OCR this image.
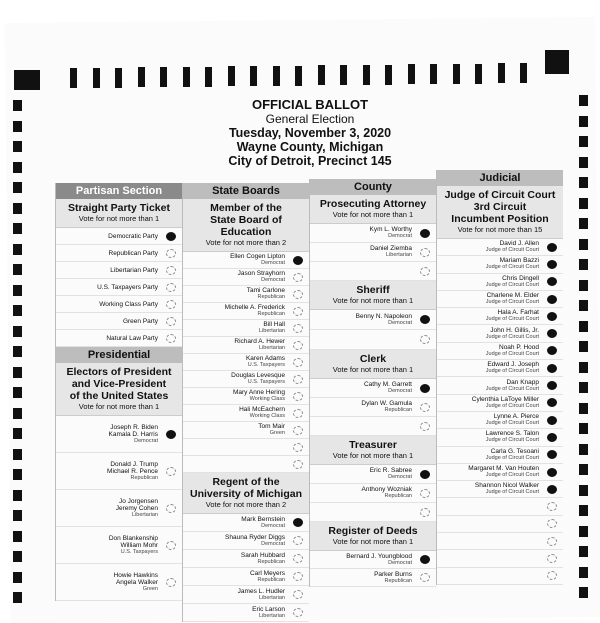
OFFICIAL BALLOT
General Election
Tuesday, November 3, 2020
Wayne County, Michigan
City of Detroit, Precinct 145
Partisan Section
Straight Party Ticket
Vote for not more than 1
Democratic Party
Republican Party
Libertarian Party
U.S. Taxpayers Party
Working Class Party
Green Party
Natural Law Party
Presidential
Electors of President
and Vice-President
of the United States
Vote for not more than 1
Joseph R. Biden
Kamala D. Harris
Democrat
Donald J. Trump
Michael R. Pence
Republican
Jo Jorgensen
Jeremy Cohen
Libertarian
Don Blankenship
William Mohr
U.S. Taxpayers
Howie Hawkins
Angela Walker
Green
State Boards
Member of the
State Board of Education
Vote for not more than 2
Ellen Cogen Lipton
Democrat
Jason Strayhorn
Democrat
Tami Carlone
Republican
Michelle A. Frederick
Republican
Bill Hall
Libertarian
Richard A. Hewer
Libertarian
Karen Adams
U.S. Taxpayers
Douglas Levesque
U.S. Taxpayers
Mary Anne Hering
Working Class
Hali McEachern
Working Class
Tom Mair
Green
Regent of the
University of Michigan
Vote for not more than 2
Mark Bernstein
Democrat
Shauna Ryder Diggs
Democrat
Sarah Hubbard
Republican
Carl Meyers
Republican
James L. Hudler
Libertarian
Eric Larson
Libertarian
County
Prosecuting Attorney
Vote for not more than 1
Kym L. Worthy
Democrat
Daniel Ziemba
Libertarian
Sheriff
Vote for not more than 1
Benny N. Napoleon
Democrat
Clerk
Vote for not more than 1
Cathy M. Garrett
Democrat
Dylan W. Gamula
Republican
Treasurer
Vote for not more than 1
Eric R. Sabree
Democrat
Anthony Wozniak
Republican
Register of Deeds
Vote for not more than 1
Bernard J. Youngblood
Democrat
Parker Burns
Republican
Judicial
Judge of Circuit Court
3rd Circuit
Incumbent Position
Vote for not more than 15
David J. Allen
Judge of Circuit Court
Mariam Bazzi
Judge of Circuit Court
Chris Dingell
Judge of Circuit Court
Charlene M. Elder
Judge of Circuit Court
Hala A. Farhat
Judge of Circuit Court
John H. Gillis, Jr.
Judge of Circuit Court
Noah P. Hood
Judge of Circuit Court
Edward J. Joseph
Judge of Circuit Court
Dan Knapp
Judge of Circuit Court
Cylenthia LaToye Miller
Judge of Circuit Court
Lynne A. Pierce
Judge of Circuit Court
Lawrence S. Talon
Judge of Circuit Court
Carla G. Tesoani
Judge of Circuit Court
Margaret M. Van Houten
Judge of Circuit Court
Shannon Nicol Walker
Judge of Circuit Court
